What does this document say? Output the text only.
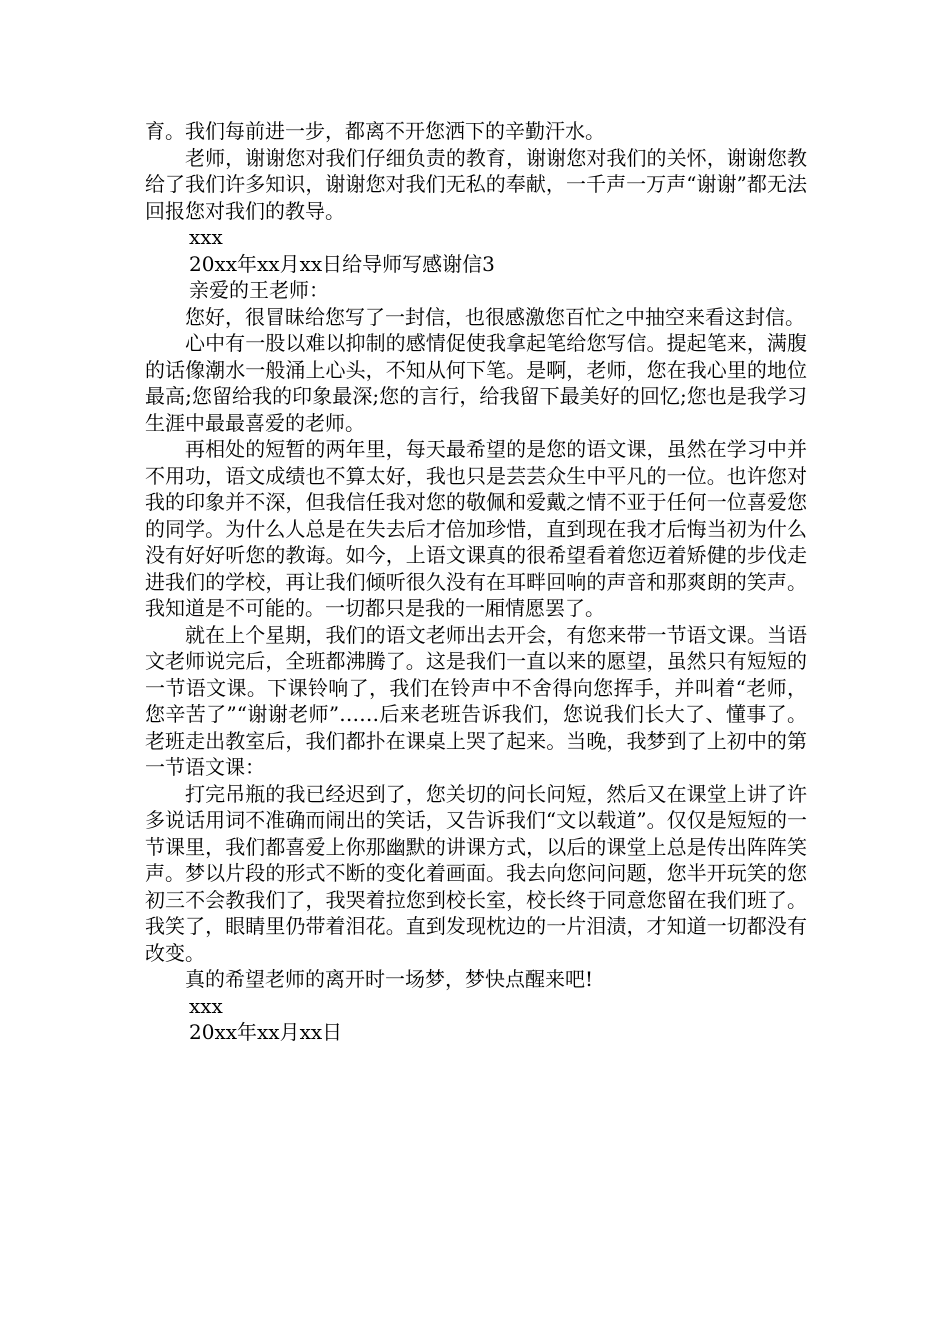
育。我们每前进一步，都离不开您洒下的辛勤汗水。

老师，谢谢您对我们仔细负责的教育，谢谢您对我们的关怀，谢谢您教给了我们许多知识，谢谢您对我们无私的奉献，一千声一万声“谢谢”都无法回报您对我们的教导。

xxx

20xx年xx月xx日给导师写感谢信3

亲爱的王老师：

您好，很冒昧给您写了一封信，也很感激您百忙之中抽空来看这封信。

心中有一股以难以抑制的感情促使我拿起笔给您写信。提起笔来，满腹的话像潮水一般涌上心头，不知从何下笔。是啊，老师，您在我心里的地位最高;您留给我的印象最深;您的言行，给我留下最美好的回忆;您也是我学习生涯中最最喜爱的老师。

再相处的短暂的两年里，每天最希望的是您的语文课，虽然在学习中并不用功，语文成绩也不算太好，我也只是芸芸众生中平凡的一位。也许您对我的印象并不深，但我信任我对您的敬佩和爱戴之情不亚于任何一位喜爱您的同学。为什么人总是在失去后才倍加珍惜，直到现在我才后悔当初为什么没有好好听您的教诲。如今，上语文课真的很希望看着您迈着矫健的步伐走进我们的学校，再让我们倾听很久没有在耳畔回响的声音和那爽朗的笑声。我知道是不可能的。一切都只是我的一厢情愿罢了。

就在上个星期，我们的语文老师出去开会，有您来带一节语文课。当语文老师说完后，全班都沸腾了。这是我们一直以来的愿望，虽然只有短短的一节语文课。下课铃响了，我们在铃声中不舍得向您挥手，并叫着“老师，您辛苦了”“谢谢老师”……后来老班告诉我们，您说我们长大了、懂事了。老班走出教室后，我们都扑在课桌上哭了起来。当晚，我梦到了上初中的第一节语文课：

打完吊瓶的我已经迟到了，您关切的问长问短，然后又在课堂上讲了许多说话用词不准确而闹出的笑话，又告诉我们“文以载道”。仅仅是短短的一节课里，我们都喜爱上你那幽默的讲课方式，以后的课堂上总是传出阵阵笑声。梦以片段的形式不断的变化着画面。我去向您问问题，您半开玩笑的您初三不会教我们了，我哭着拉您到校长室，校长终于同意您留在我们班了。我笑了，眼睛里仍带着泪花。直到发现枕边的一片泪渍，才知道一切都没有改变。

真的希望老师的离开时一场梦，梦快点醒来吧!

xxx

20xx年xx月xx日
